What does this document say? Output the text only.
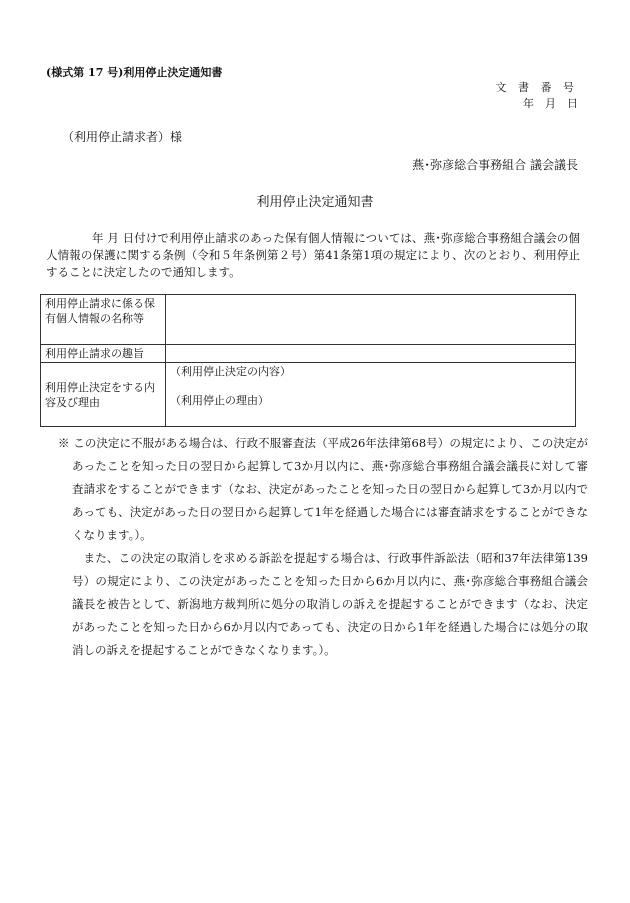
(様式第 17 号)利用停止決定通知書
文 書 番 号
年　月　日
（利用停止請求者）様
燕･弥彦総合事務組合 議会議長
利用停止決定通知書

年 月 日付けで利用停止請求のあった保有個人情報については、燕･弥彦総合事務組合議会の個人情報の保護に関する条例（令和５年条例第２号）第41条第1項の規定により、次のとおり、利用停止することに決定したので通知します。

利用停止請求に係る保有個人情報の名称等	
利用停止請求の趣旨	
利用停止決定をする内容及び理由	（利用停止決定の内容）
（利用停止の理由）

※ この決定に不服がある場合は、行政不服審査法（平成26年法律第68号）の規定により、この決定があったことを知った日の翌日から起算して3か月以内に、燕･弥彦総合事務組合議会議長に対して審査請求をすることができます（なお、決定があったことを知った日の翌日から起算して3か月以内であっても、決定があった日の翌日から起算して1年を経過した場合には審査請求をすることができなくなります。）。

また、この決定の取消しを求める訴訟を提起する場合は、行政事件訴訟法（昭和37年法律第139号）の規定により、この決定があったことを知った日から6か月以内に、燕･弥彦総合事務組合議会議長を被告として、新潟地方裁判所に処分の取消しの訴えを提起することができます（なお、決定があったことを知った日から6か月以内であっても、決定の日から1年を経過した場合には処分の取消しの訴えを提起することができなくなります。）。
